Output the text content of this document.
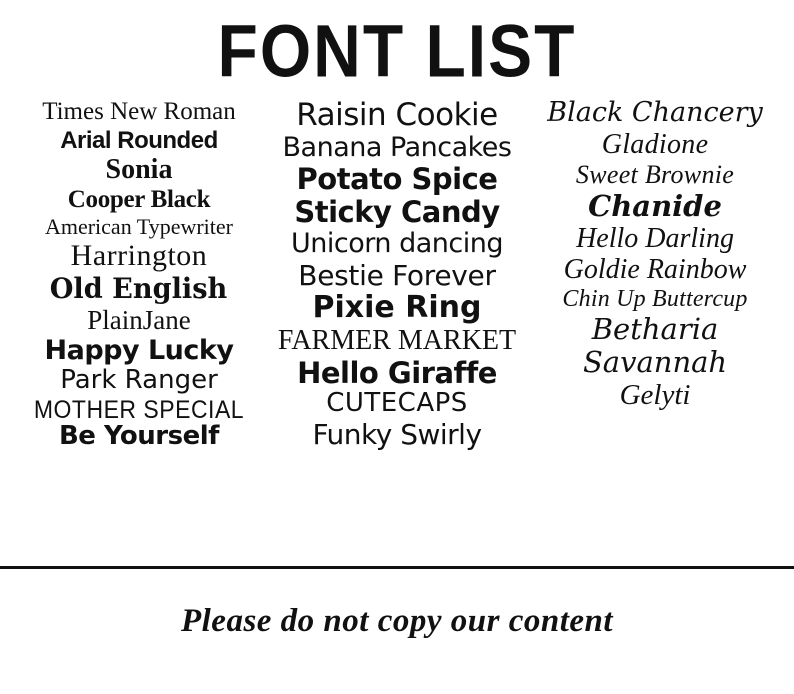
FONT LIST
Times New Roman
Arial Rounded
Sonia
Cooper Black
American Typewriter
Harrington
Old English
PlainJane
Happy Lucky
Park Ranger
MOTHER SPECIAL
Be Yourself
Raisin Cookie
Banana Pancakes
Potato Spice
Sticky Candy
Unicorn dancing
Bestie Forever
Pixie Ring
FARMER MARKET
Hello Giraffe
CUTECAPS
Funky Swirly
Black Chancery
Gladione
Sweet Brownie
Chanide
Hello Darling
Goldie Rainbow
Chin Up Buttercup
Betharia
Savannah
Gelyti
Please do not copy our content
